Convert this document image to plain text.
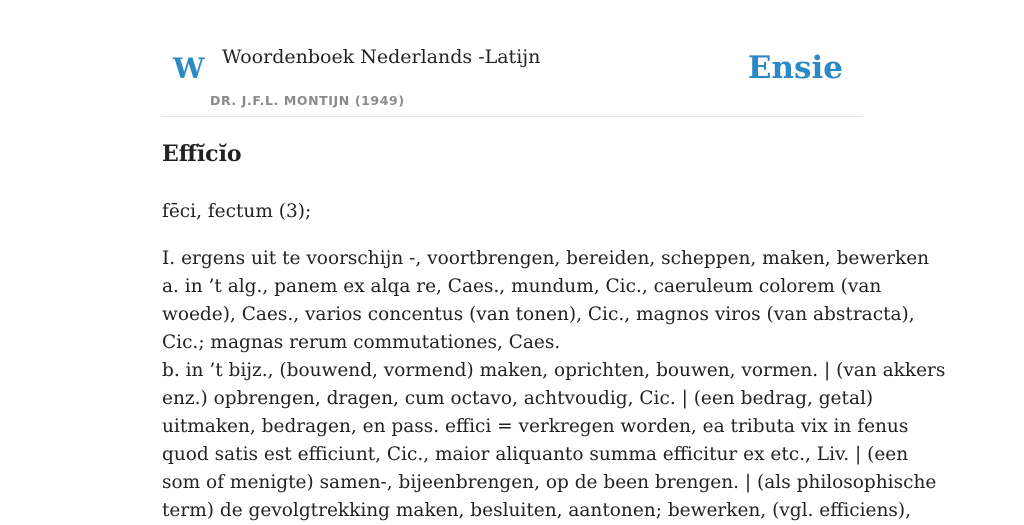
W Woordenboek Nederlands -Latijn
DR. J.F.L. MONTIJN (1949)
Ensie
Effĭcĭo

fēci, fectum (3);

I. ergens uit te voorschijn -, voortbrengen, bereiden, scheppen, maken, bewerken
a. in ’t alg., panem ex alqa re, Caes., mundum, Cic., caeruleum colorem (van
woede), Caes., varios concentus (van tonen), Cic., magnos viros (van abstracta),
Cic.; magnas rerum commutationes, Caes.
b. in ’t bijz., (bouwend, vormend) maken, oprichten, bouwen, vormen. | (van akkers
enz.) opbrengen, dragen, cum octavo, achtvoudig, Cic. | (een bedrag, getal)
uitmaken, bedragen, en pass. effici = verkregen worden, ea tributa vix in fenus
quod satis est efficiunt, Cic., maior aliquanto summa efficitur ex etc., Liv. | (een
som of menigte) samen-, bijeenbrengen, op de been brengen. | (als philosophische
term) de gevolgtrekking maken, besluiten, aantonen; bewerken, (vgl. efficiens),
